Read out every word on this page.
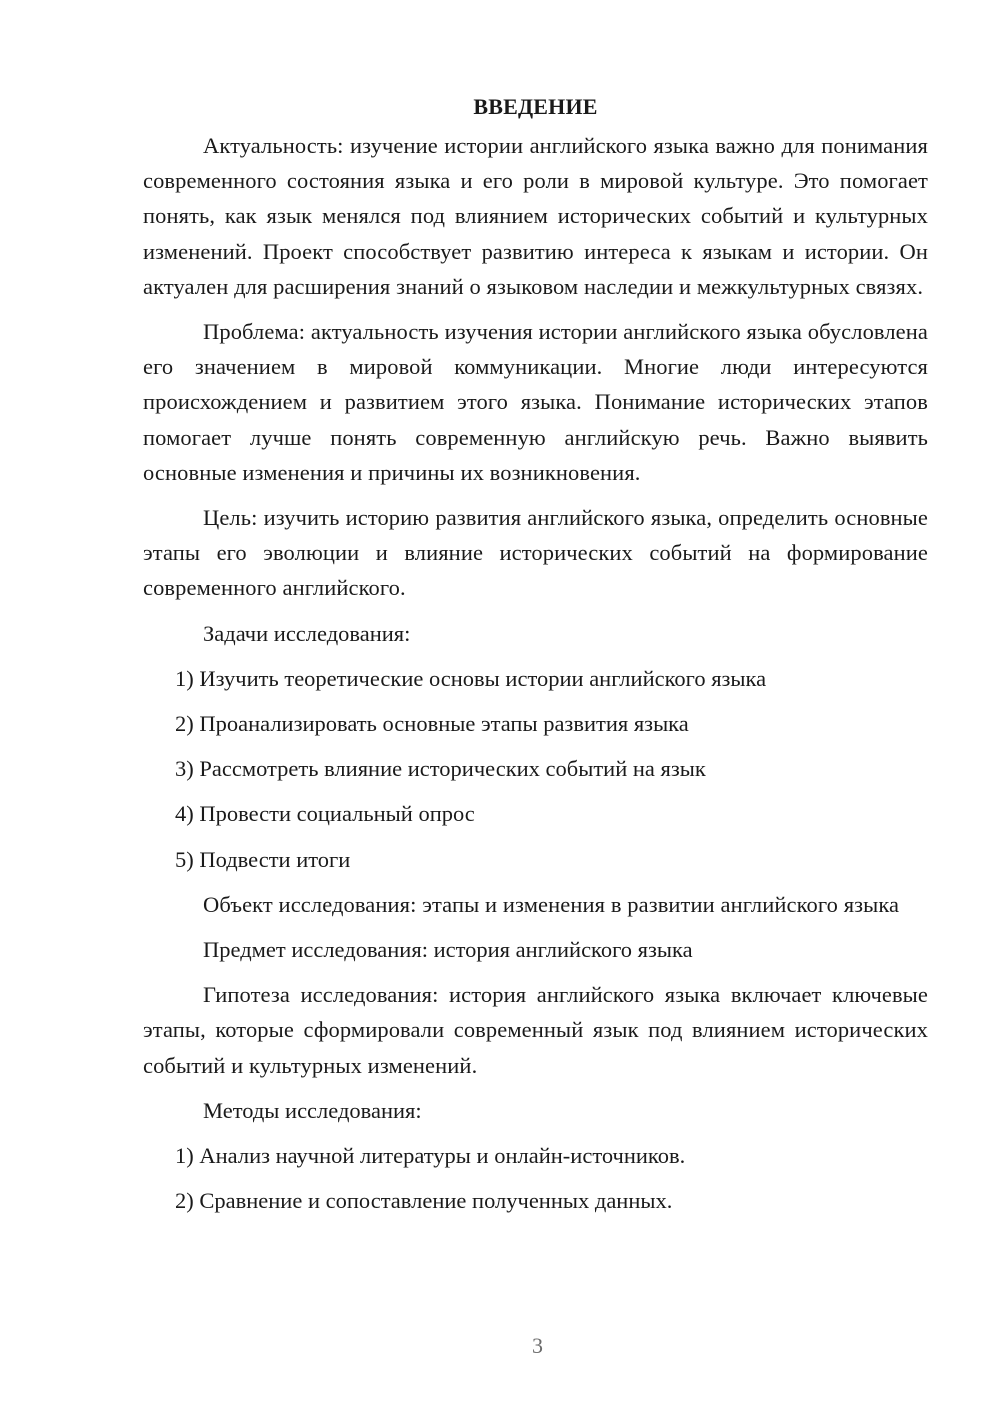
ВВЕДЕНИЕ

Актуальность: изучение истории английского языка важно для понимания современного состояния языка и его роли в мировой культуре. Это помогает понять, как язык менялся под влиянием исторических событий и культурных изменений. Проект способствует развитию интереса к языкам и истории. Он актуален для расширения знаний о языковом наследии и межкультурных связях.

Проблема: актуальность изучения истории английского языка обусловлена его значением в мировой коммуникации. Многие люди интересуются происхождением и развитием этого языка. Понимание исторических этапов помогает лучше понять современную английскую речь. Важно выявить основные изменения и причины их возникновения.

Цель: изучить историю развития английского языка, определить основные этапы его эволюции и влияние исторических событий на формирование современного английского.

Задачи исследования:

1) Изучить теоретические основы истории английского языка

2) Проанализировать основные этапы развития языка

3) Рассмотреть влияние исторических событий на язык

4) Провести социальный опрос

5) Подвести итоги

Объект исследования: этапы и изменения в развитии английского языка

Предмет исследования: история английского языка

Гипотеза исследования: история английского языка включает ключевые этапы, которые сформировали современный язык под влиянием исторических событий и культурных изменений.

Методы исследования:

1) Анализ научной литературы и онлайн-источников.

2) Сравнение и сопоставление полученных данных.

3
